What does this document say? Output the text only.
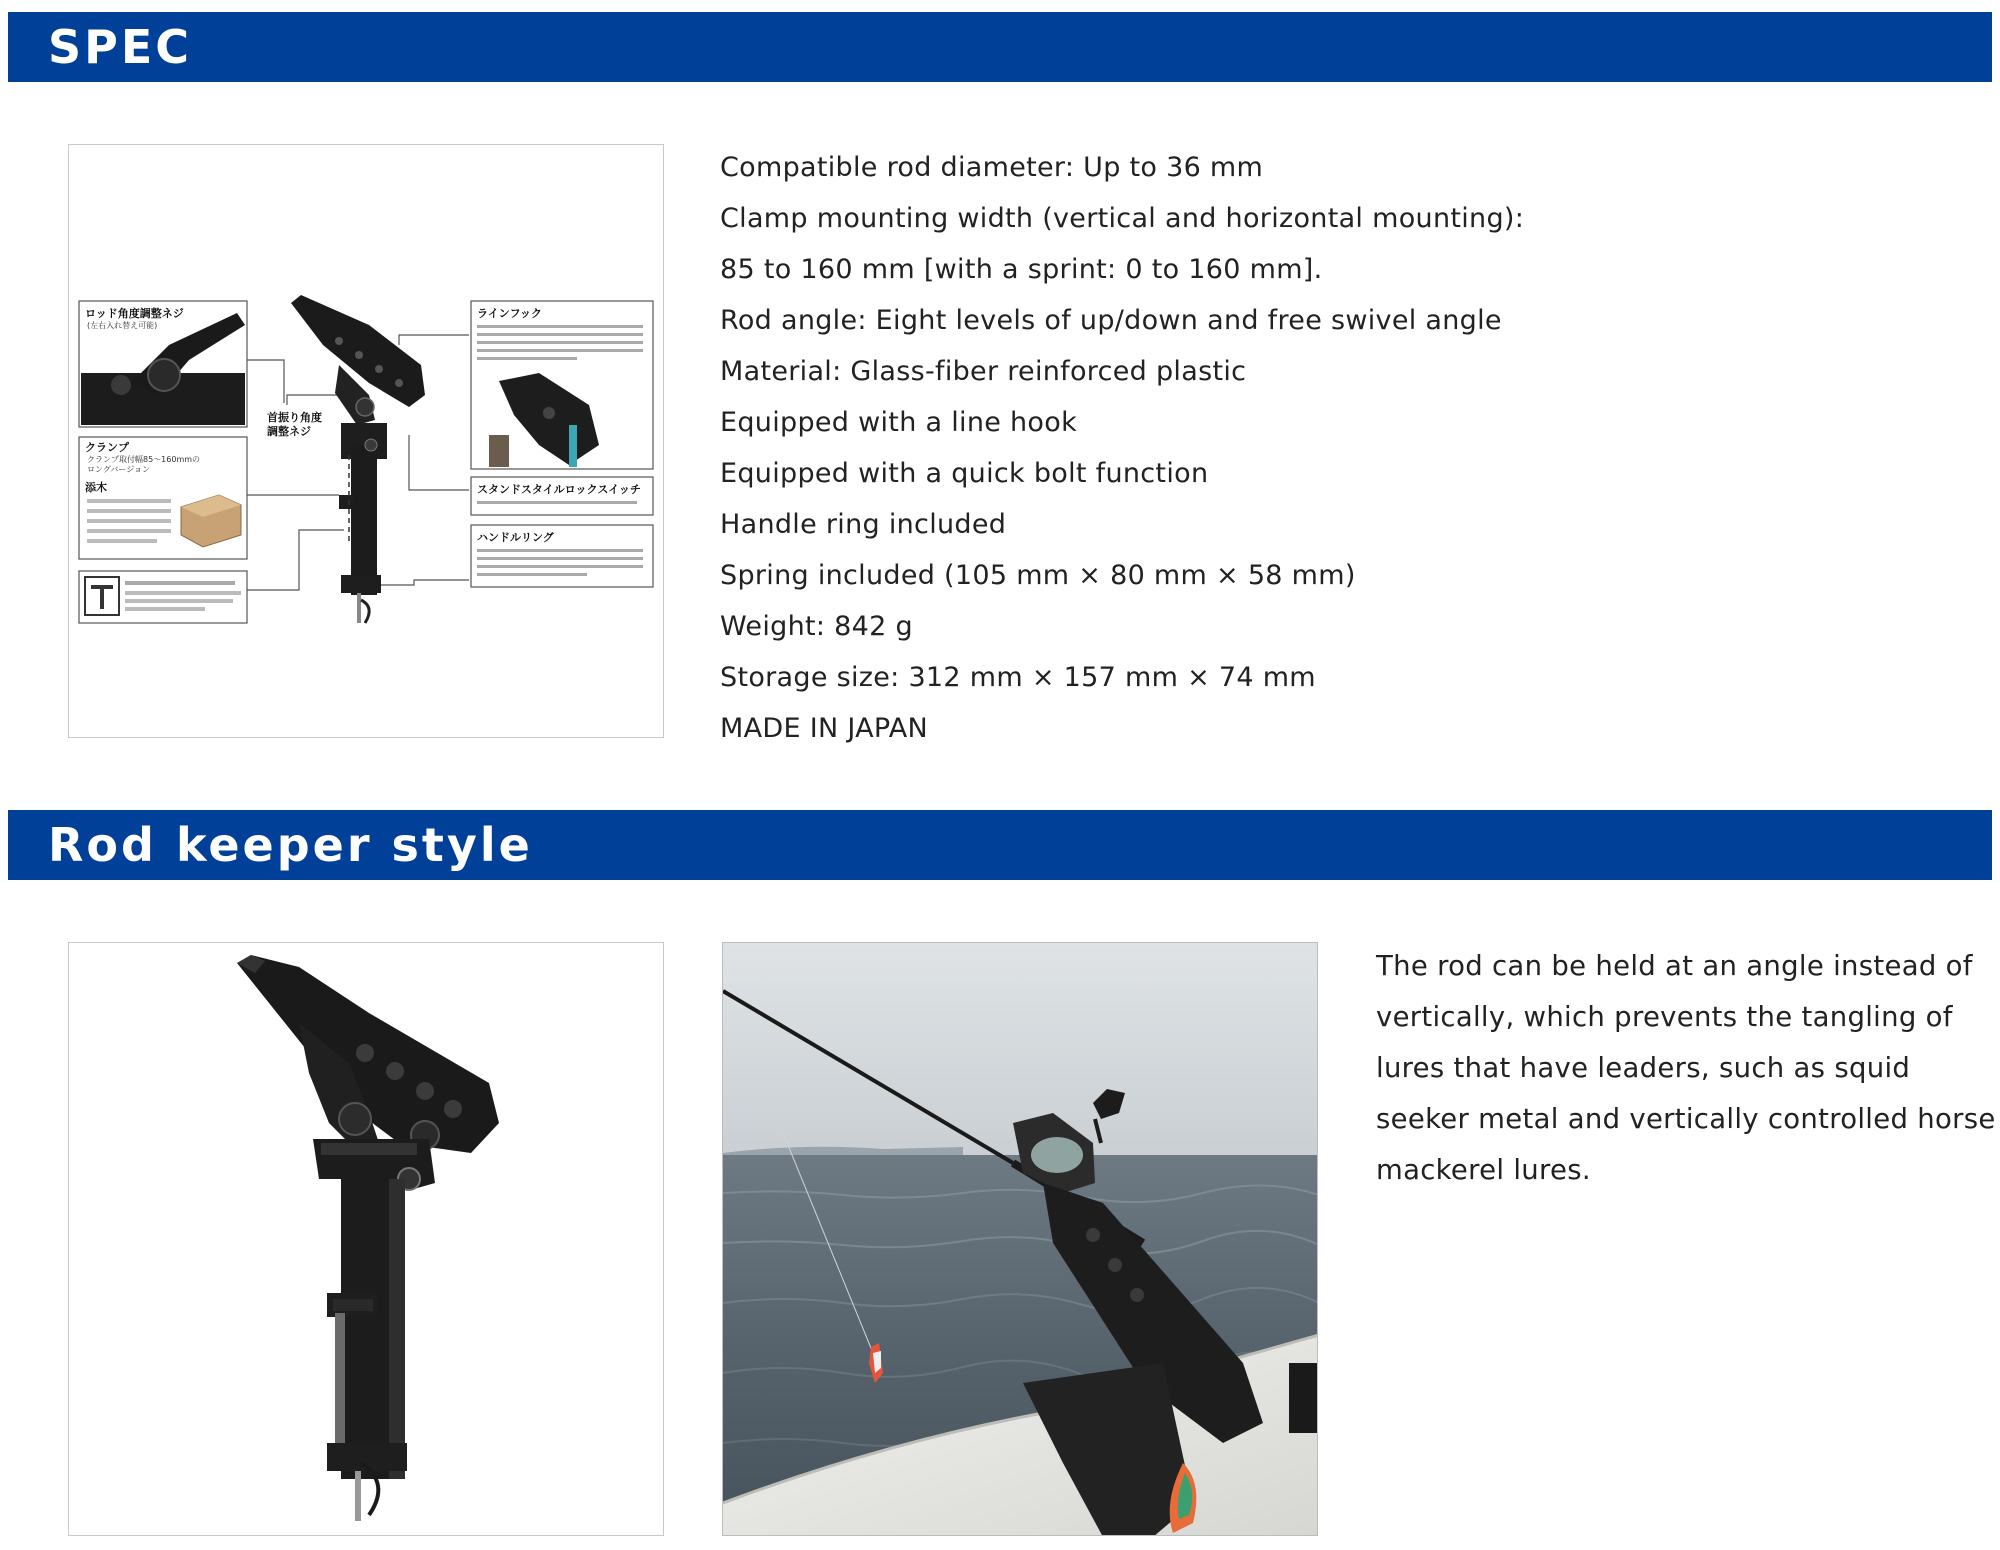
SPEC
ロッド角度調整ネジ
(左右入れ替え可能)
クランプ
クランプ取付幅85〜160mmの
ロングバージョン
添木
首振り角度
調整ネジ
ラインフック
スタンドスタイルロックスイッチ
ハンドルリング
Compatible rod diameter: Up to 36 mm
Clamp mounting width (vertical and horizontal mounting):
85 to 160 mm [with a sprint: 0 to 160 mm].
Rod angle: Eight levels of up/down and free swivel angle
Material: Glass-fiber reinforced plastic
Equipped with a line hook
Equipped with a quick bolt function
Handle ring included
Spring included (105 mm × 80 mm × 58 mm)
Weight: 842 g
Storage size: 312 mm × 157 mm × 74 mm
MADE IN JAPAN
Rod keeper style
The rod can be held at an angle instead of
vertically, which prevents the tangling of
lures that have leaders, such as squid
seeker metal and vertically controlled horse
mackerel lures.
